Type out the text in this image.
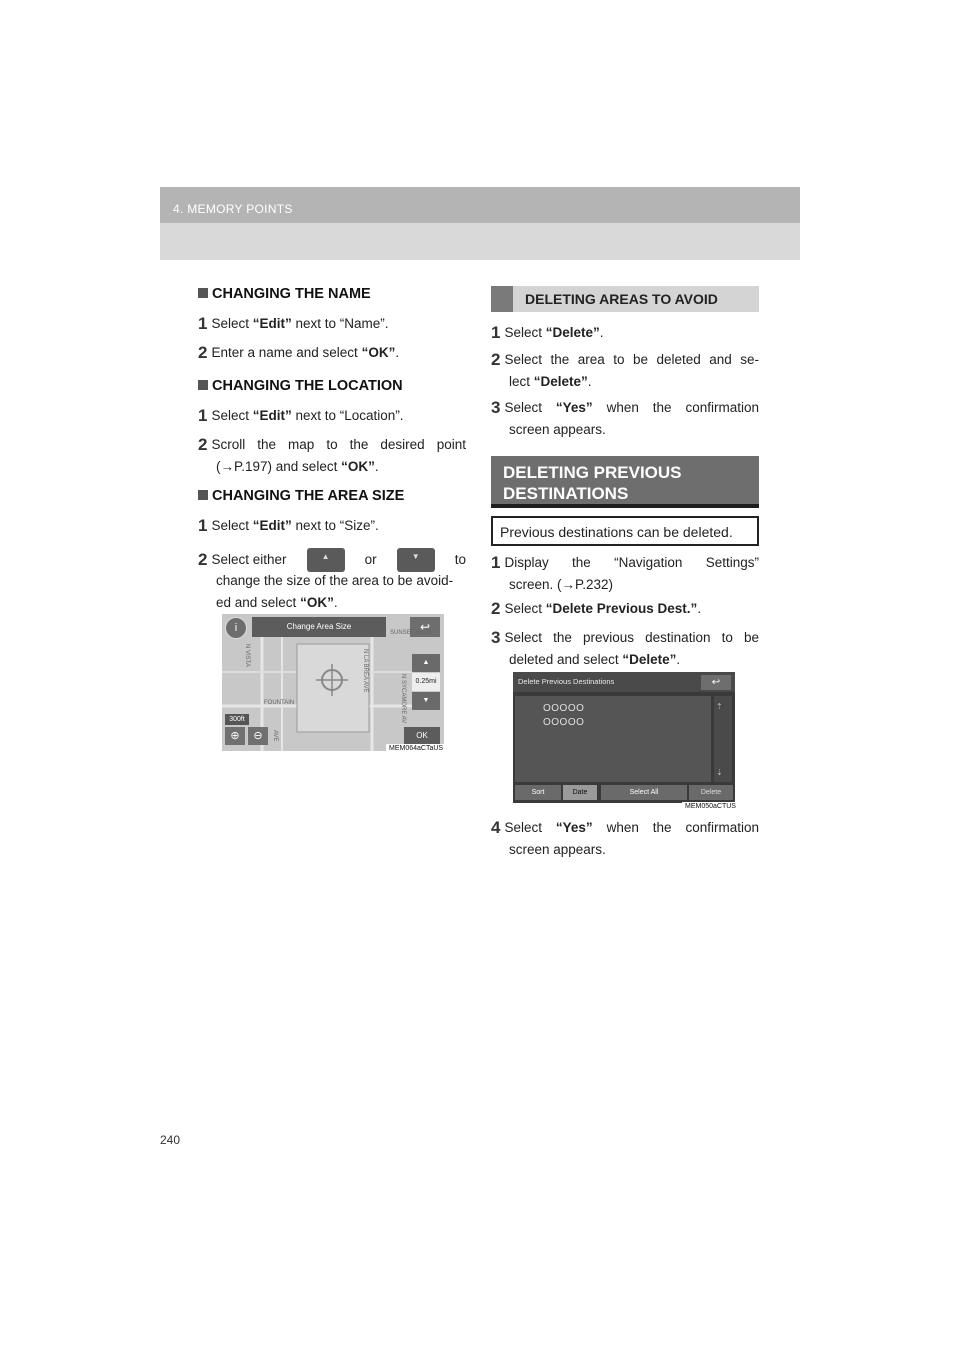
4. MEMORY POINTS
CHANGING THE NAME
1 Select “Edit” next to “Name”.
2 Enter a name and select “OK”.
CHANGING THE LOCATION
1 Select “Edit” next to “Location”.
2 Scroll the map to the desired point
(→P.197) and select “OK”.
CHANGING THE AREA SIZE
1 Select “Edit” next to “Size”.
2 Select either	▲	or	▼	to
change the size of the area to be avoid-
ed and select “OK”.
i	Change Area Size	↩
▲
0.25mi
▼
300ft
⊕	⊖	OK
N VISTA
FOUNTAIN
N LA BREA AVE
N SYCAMORE AV
SUNSET BLVD
AVE
MEM064aCTaUS
DELETING AREAS TO AVOID
1 Select “Delete”.
2 Select the area to be deleted and se-
lect “Delete”.
3 Select “Yes” when the confirmation
screen appears.
DELETING PREVIOUS
DESTINATIONS
Previous destinations can be deleted.
1 Display the “Navigation Settings”
screen. (→P.232)
2 Select “Delete Previous Dest.”.
3 Select the previous destination to be
deleted and select “Delete”.
Delete Previous Destinations	↩
OOOOO
OOOOO
⇡
⇣
Sort	Date	Select All	Delete
MEM050aCTUS
4 Select “Yes” when the confirmation
screen appears.
240
